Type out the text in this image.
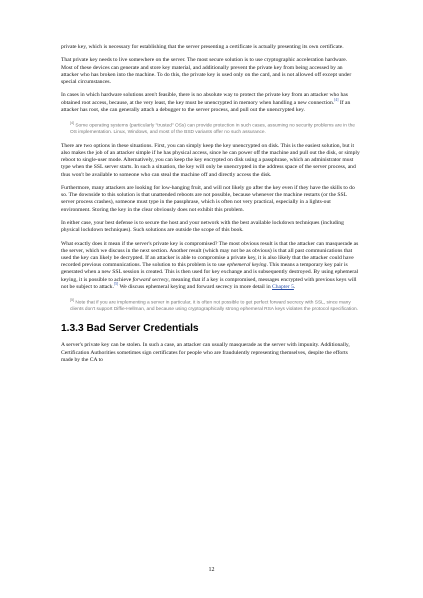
private key, which is necessary for establishing that the server presenting a certificate is actually presenting its own certificate.

That private key needs to live somewhere on the server. The most secure solution is to use cryptographic acceleration hardware. Most of these devices can generate and store key material, and additionally prevent the private key from being accessed by an attacker who has broken into the machine. To do this, the private key is used only on the card, and is not allowed off except under special circumstances.

In cases in which hardware solutions aren't feasible, there is no absolute way to protect the private key from an attacker who has obtained root access, because, at the very least, the key must be unencrypted in memory when handling a new connection.[4] If an attacker has root, she can generally attach a debugger to the server process, and pull out the unencrypted key.

[4] Some operating systems (particularly "trusted" OSs) can provide protection in such cases, assuming no security problems are in the OS implementation. Linux, Windows, and most of the BSD variants offer no such assurance.

There are two options in these situations. First, you can simply keep the key unencrypted on disk. This is the easiest solution, but it also makes the job of an attacker simple if he has physical access, since he can power off the machine and pull out the disk, or simply reboot to single-user mode. Alternatively, you can keep the key encrypted on disk using a passphrase, which an administrator must type when the SSL server starts. In such a situation, the key will only be unencrypted in the address space of the server process, and thus won't be available to someone who can steal the machine off and directly access the disk.

Furthermore, many attackers are looking for low-hanging fruit, and will not likely go after the key even if they have the skills to do so. The downside to this solution is that unattended reboots are not possible, because whenever the machine restarts (or the SSL server process crashes), someone must type in the passphrase, which is often not very practical, especially in a lights-out environment. Storing the key in the clear obviously does not exhibit this problem.

In either case, your best defense is to secure the host and your network with the best available lockdown techniques (including physical lockdown techniques). Such solutions are outside the scope of this book.

What exactly does it mean if the server's private key is compromised? The most obvious result is that the attacker can masquerade as the server, which we discuss in the next section. Another result (which may not be as obvious) is that all past communications that used the key can likely be decrypted. If an attacker is able to compromise a private key, it is also likely that the attacker could have recorded previous communications. The solution to this problem is to use ephemeral keying. This means a temporary key pair is generated when a new SSL session is created. This is then used for key exchange and is subsequently destroyed. By using ephemeral keying, it is possible to achieve forward secrecy, meaning that if a key is compromised, messages encrypted with previous keys will not be subject to attack.[5] We discuss ephemeral keying and forward secrecy in more detail in Chapter 5.

[5] Note that if you are implementing a server in particular, it is often not possible to get perfect forward secrecy with SSL, since many clients don't support Diffie-Hellman, and because using cryptographically strong ephemeral RSA keys violates the protocol specification.

1.3.3 Bad Server Credentials

A server's private key can be stolen. In such a case, an attacker can usually masquerade as the server with impunity. Additionally, Certification Authorities sometimes sign certificates for people who are fraudulently representing themselves, despite the efforts made by the CA to

12
